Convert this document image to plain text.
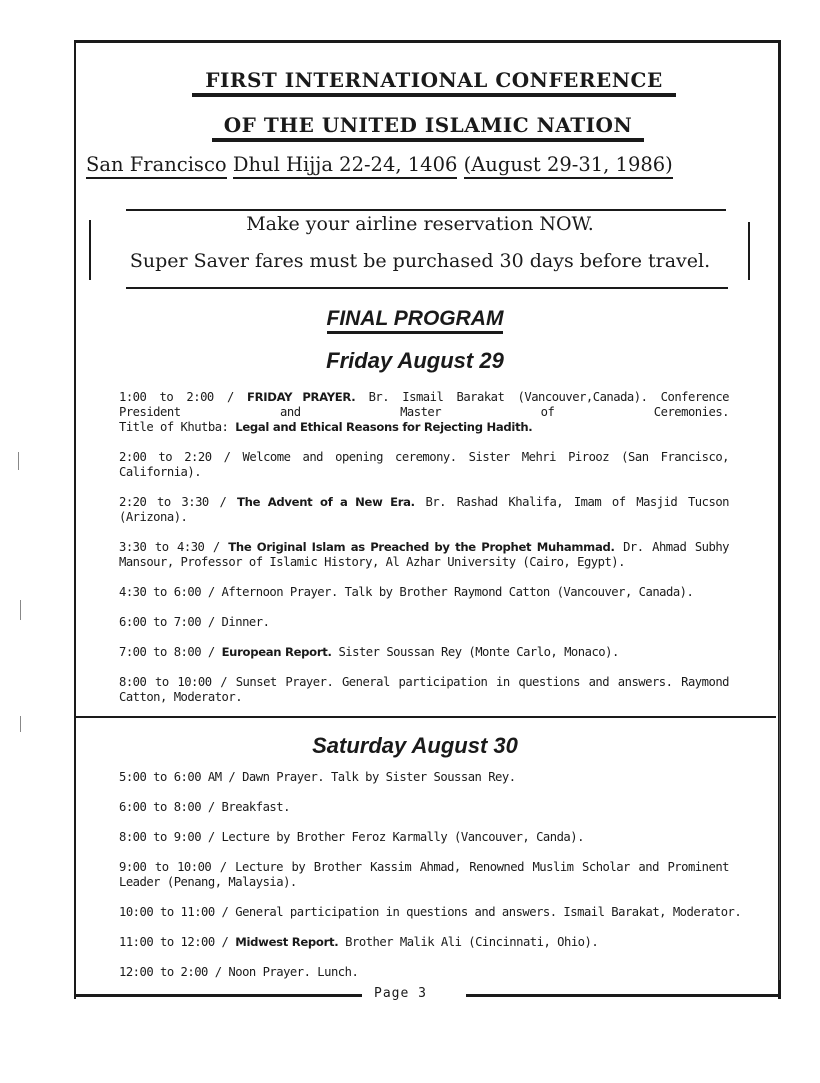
FIRST INTERNATIONAL CONFERENCE
OF THE UNITED ISLAMIC NATION
San Francisco Dhul Hijja 22-24, 1406 (August 29-31, 1986)
Make your airline reservation NOW.
Super Saver fares must be purchased 30 days before travel.
FINAL PROGRAM
Friday August 29
1:00 to 2:00 / FRIDAY PRAYER. Br. Ismail Barakat (Vancouver,Canada). Conference
President and Master of Ceremonies.
Title of Khutba: Legal and Ethical Reasons for Rejecting Hadith.
2:00 to 2:20 / Welcome and opening ceremony. Sister Mehri Pirooz (San Francisco,
California).
2:20 to 3:30 / The Advent of a New Era. Br. Rashad Khalifa, Imam of Masjid Tucson
(Arizona).
3:30 to 4:30 / The Original Islam as Preached by the Prophet Muhammad. Dr. Ahmad Subhy
Mansour, Professor of Islamic History, Al Azhar University (Cairo, Egypt).
4:30 to 6:00 / Afternoon Prayer. Talk by Brother Raymond Catton (Vancouver, Canada).
6:00 to 7:00 / Dinner.
7:00 to 8:00 / European Report. Sister Soussan Rey (Monte Carlo, Monaco).
8:00 to 10:00 / Sunset Prayer. General participation in questions and answers. Raymond
Catton, Moderator.
Saturday August 30
5:00 to 6:00 AM / Dawn Prayer. Talk by Sister Soussan Rey.
6:00 to 8:00 / Breakfast.
8:00 to 9:00 / Lecture by Brother Feroz Karmally (Vancouver, Canda).
9:00 to 10:00 / Lecture by Brother Kassim Ahmad, Renowned Muslim Scholar and Prominent
Leader (Penang, Malaysia).
10:00 to 11:00 / General participation in questions and answers. Ismail Barakat, Moderator.
11:00 to 12:00 / Midwest Report. Brother Malik Ali (Cincinnati, Ohio).
12:00 to 2:00 / Noon Prayer. Lunch.
Page 3
